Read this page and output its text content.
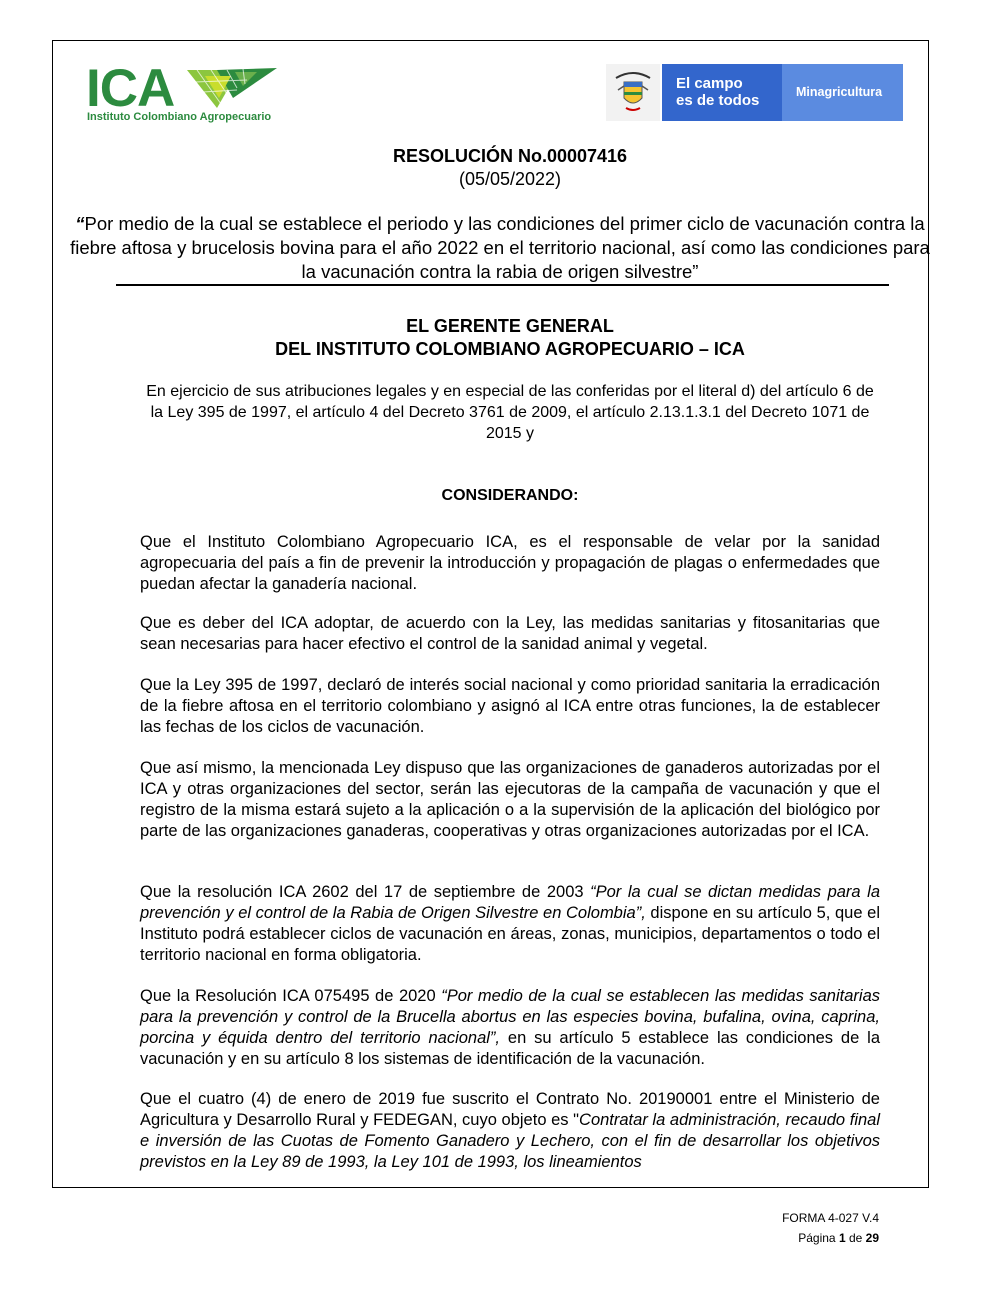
ICA
Instituto Colombiano Agropecuario
El campo
es de todos	Minagricultura
RESOLUCIÓN No.00007416
(05/05/2022)
“Por medio de la cual se establece el periodo y las condiciones del primer ciclo de vacunación contra la fiebre aftosa y brucelosis bovina para el año 2022 en el territorio nacional, así como las condiciones para la vacunación contra la rabia de origen silvestre”
EL GERENTE GENERAL
DEL INSTITUTO COLOMBIANO AGROPECUARIO – ICA
En ejercicio de sus atribuciones legales y en especial de las conferidas por el literal d) del artículo 6 de la Ley 395 de 1997, el artículo 4 del Decreto 3761 de 2009, el artículo 2.13.1.3.1 del Decreto 1071 de 2015 y
CONSIDERANDO:
Que el Instituto Colombiano Agropecuario ICA, es el responsable de velar por la sanidad agropecuaria del país a fin de prevenir la introducción y propagación de plagas o enfermedades que puedan afectar la ganadería nacional.
Que es deber del ICA adoptar, de acuerdo con la Ley, las medidas sanitarias y fitosanitarias que sean necesarias para hacer efectivo el control de la sanidad animal y vegetal.
Que la Ley 395 de 1997, declaró de interés social nacional y como prioridad sanitaria la erradicación de la fiebre aftosa en el territorio colombiano y asignó al ICA entre otras funciones, la de establecer las fechas de los ciclos de vacunación.
Que así mismo, la mencionada Ley dispuso que las organizaciones de ganaderos autorizadas por el ICA y otras organizaciones del sector, serán las ejecutoras de la campaña de vacunación y que el registro de la misma estará sujeto a la aplicación o a la supervisión de la aplicación del biológico por parte de las organizaciones ganaderas, cooperativas y otras organizaciones autorizadas por el ICA.
Que la resolución ICA 2602 del 17 de septiembre de 2003 “Por la cual se dictan medidas para la prevención y el control de la Rabia de Origen Silvestre en Colombia”, dispone en su artículo 5, que el Instituto podrá establecer ciclos de vacunación en áreas, zonas, municipios, departamentos o todo el territorio nacional en forma obligatoria.
Que la Resolución ICA 075495 de 2020 “Por medio de la cual se establecen las medidas sanitarias para la prevención y control de la Brucella abortus en las especies bovina, bufalina, ovina, caprina, porcina y équida dentro del territorio nacional”, en su artículo 5 establece las condiciones de la vacunación y en su artículo 8 los sistemas de identificación de la vacunación.
Que el cuatro (4) de enero de 2019 fue suscrito el Contrato No. 20190001 entre el Ministerio de Agricultura y Desarrollo Rural y FEDEGAN, cuyo objeto es "Contratar la administración, recaudo final e inversión de las Cuotas de Fomento Ganadero y Lechero, con el fin de desarrollar los objetivos previstos en la Ley 89 de 1993, la Ley 101 de 1993, los lineamientos
FORMA 4-027 V.4
Página 1 de 29
